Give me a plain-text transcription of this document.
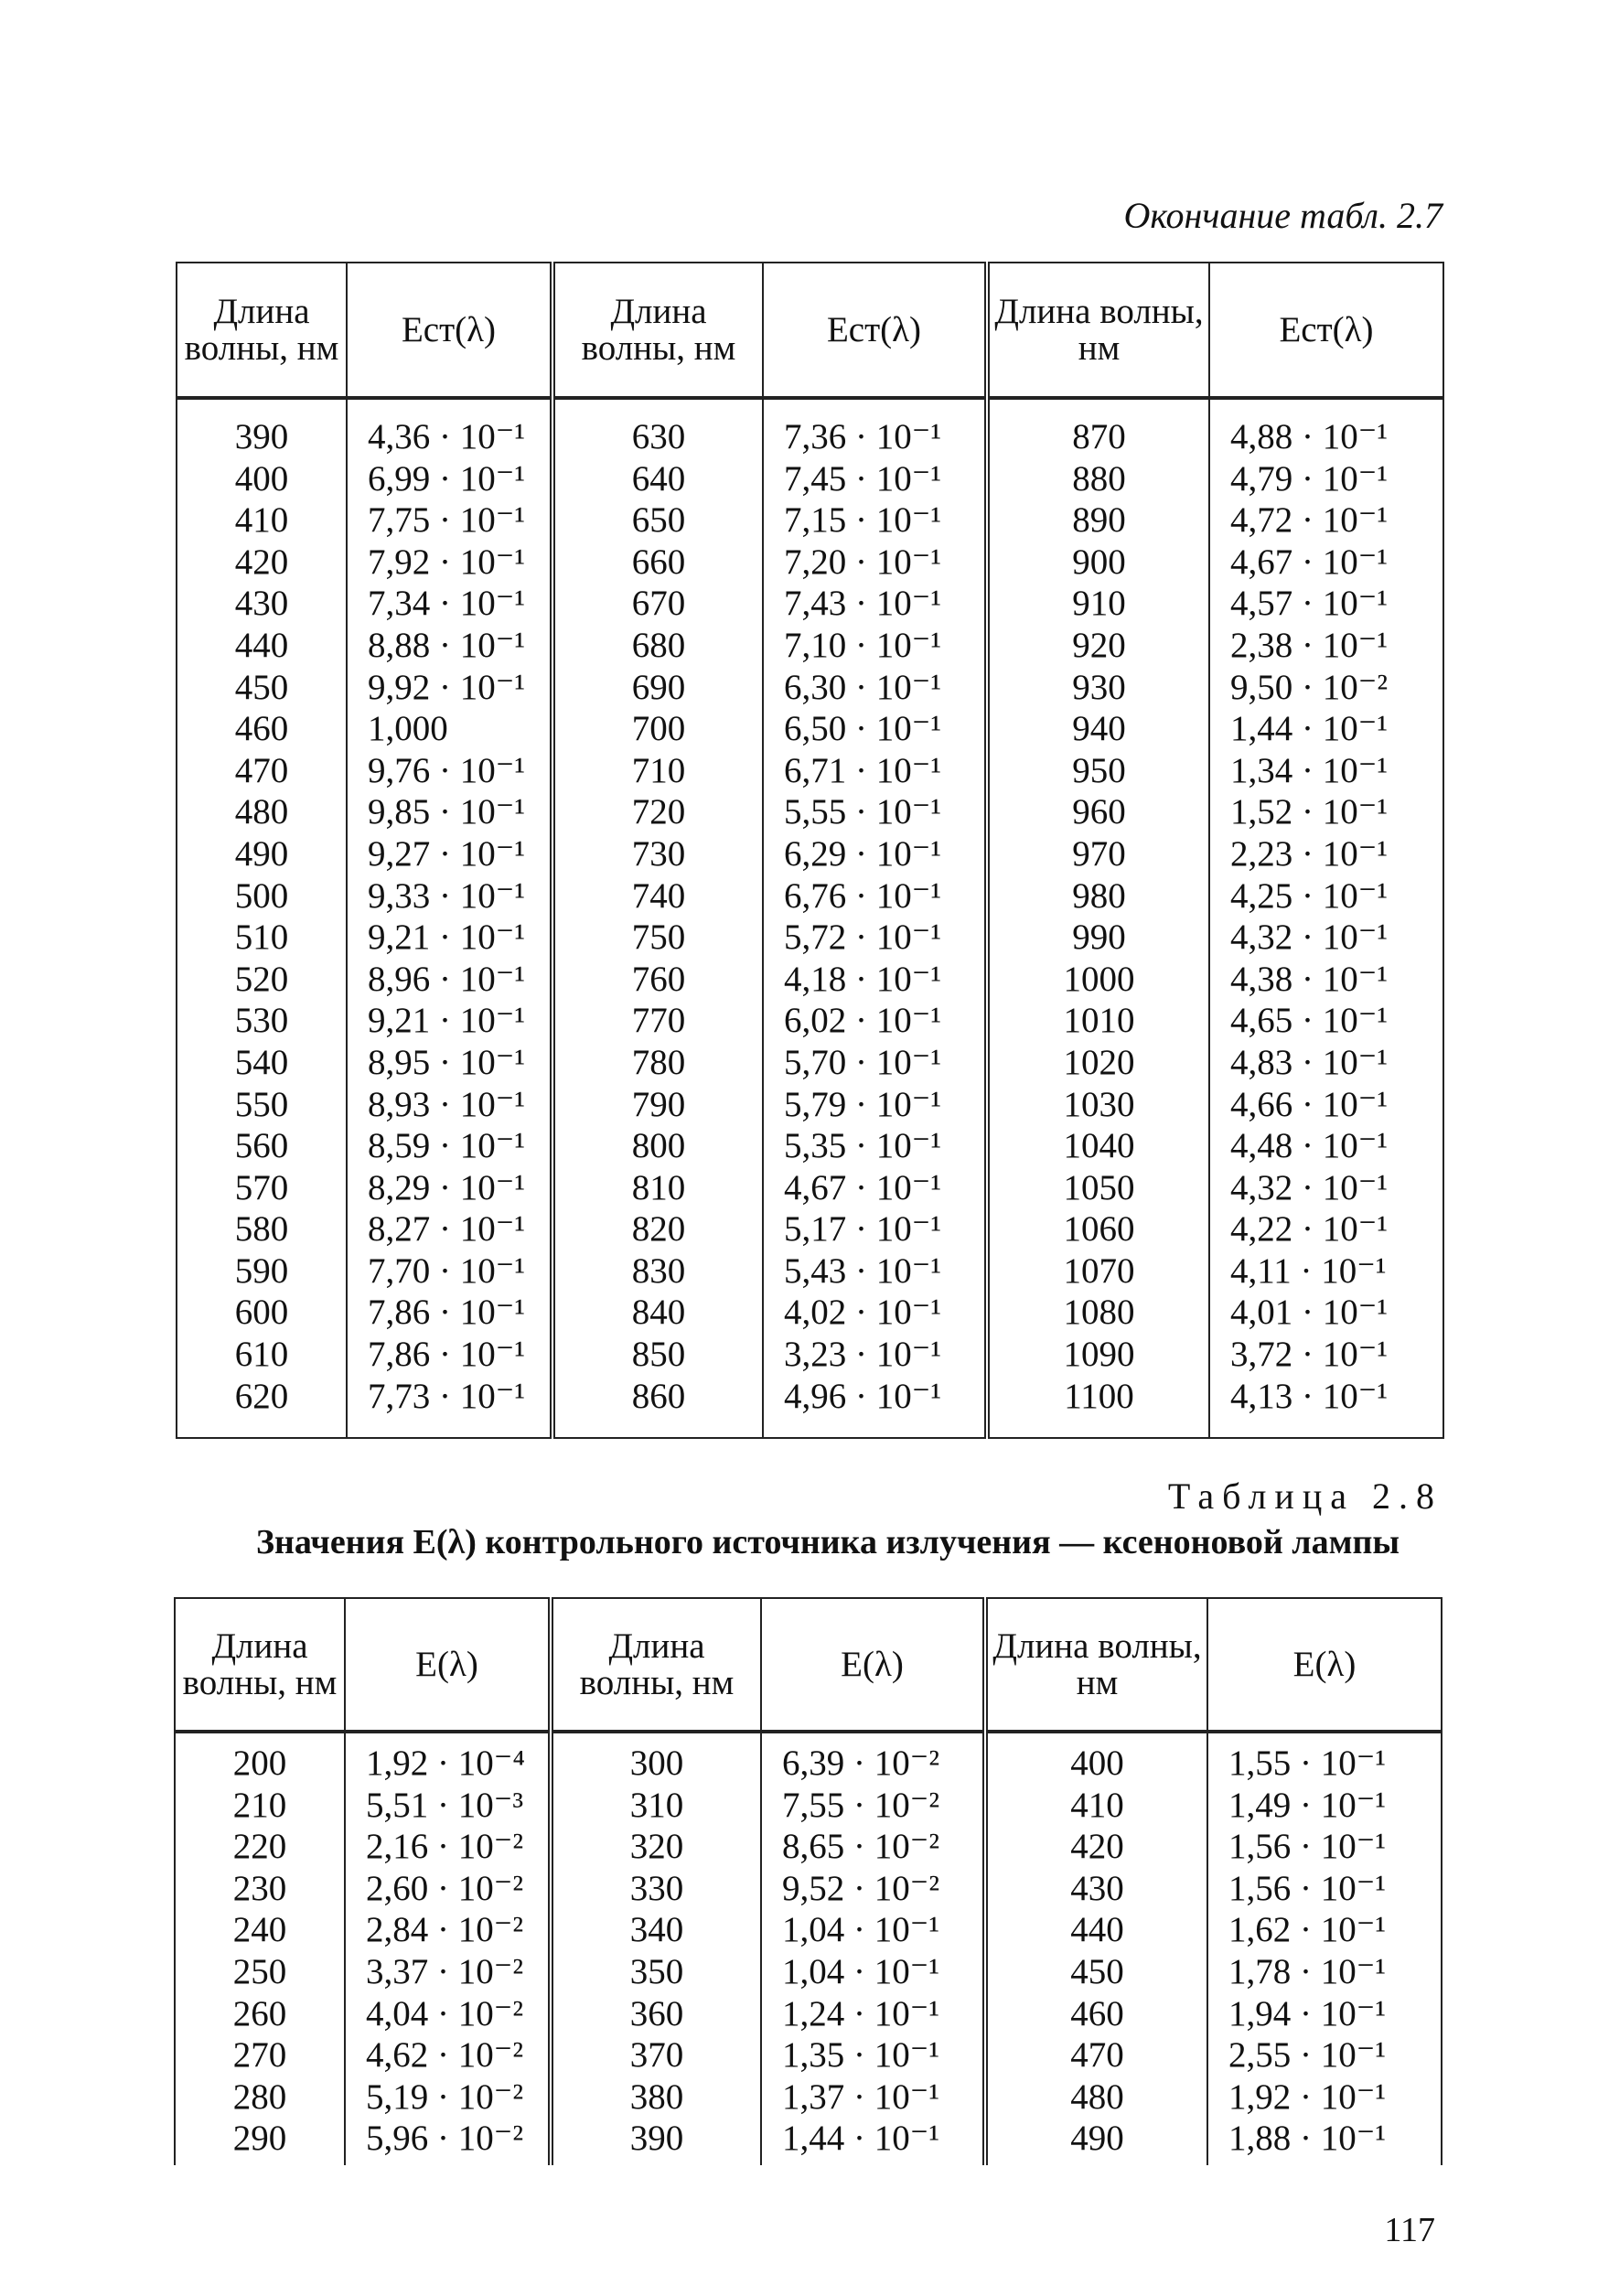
Окончание табл. 2.7
Длина волны, нм	Eст(λ)	Длина волны, нм	Eст(λ)	Длина волны, нм	Eст(λ)

390	4,36 · 10⁻¹	630	7,36 · 10⁻¹	870	4,88 · 10⁻¹
400	6,99 · 10⁻¹	640	7,45 · 10⁻¹	880	4,79 · 10⁻¹
410	7,75 · 10⁻¹	650	7,15 · 10⁻¹	890	4,72 · 10⁻¹
420	7,92 · 10⁻¹	660	7,20 · 10⁻¹	900	4,67 · 10⁻¹
430	7,34 · 10⁻¹	670	7,43 · 10⁻¹	910	4,57 · 10⁻¹
440	8,88 · 10⁻¹	680	7,10 · 10⁻¹	920	2,38 · 10⁻¹
450	9,92 · 10⁻¹	690	6,30 · 10⁻¹	930	9,50 · 10⁻²
460	1,000	700	6,50 · 10⁻¹	940	1,44 · 10⁻¹
470	9,76 · 10⁻¹	710	6,71 · 10⁻¹	950	1,34 · 10⁻¹
480	9,85 · 10⁻¹	720	5,55 · 10⁻¹	960	1,52 · 10⁻¹
490	9,27 · 10⁻¹	730	6,29 · 10⁻¹	970	2,23 · 10⁻¹
500	9,33 · 10⁻¹	740	6,76 · 10⁻¹	980	4,25 · 10⁻¹
510	9,21 · 10⁻¹	750	5,72 · 10⁻¹	990	4,32 · 10⁻¹
520	8,96 · 10⁻¹	760	4,18 · 10⁻¹	1000	4,38 · 10⁻¹
530	9,21 · 10⁻¹	770	6,02 · 10⁻¹	1010	4,65 · 10⁻¹
540	8,95 · 10⁻¹	780	5,70 · 10⁻¹	1020	4,83 · 10⁻¹
550	8,93 · 10⁻¹	790	5,79 · 10⁻¹	1030	4,66 · 10⁻¹
560	8,59 · 10⁻¹	800	5,35 · 10⁻¹	1040	4,48 · 10⁻¹
570	8,29 · 10⁻¹	810	4,67 · 10⁻¹	1050	4,32 · 10⁻¹
580	8,27 · 10⁻¹	820	5,17 · 10⁻¹	1060	4,22 · 10⁻¹
590	7,70 · 10⁻¹	830	5,43 · 10⁻¹	1070	4,11 · 10⁻¹
600	7,86 · 10⁻¹	840	4,02 · 10⁻¹	1080	4,01 · 10⁻¹
610	7,86 · 10⁻¹	850	3,23 · 10⁻¹	1090	3,72 · 10⁻¹
620	7,73 · 10⁻¹	860	4,96 · 10⁻¹	1100	4,13 · 10⁻¹

Таблица 2.8
Значения E(λ) контрольного источника излучения — ксеноновой лампы
Длина волны, нм	E(λ)	Длина волны, нм	E(λ)	Длина волны, нм	E(λ)

200	1,92 · 10⁻⁴	300	6,39 · 10⁻²	400	1,55 · 10⁻¹
210	5,51 · 10⁻³	310	7,55 · 10⁻²	410	1,49 · 10⁻¹
220	2,16 · 10⁻²	320	8,65 · 10⁻²	420	1,56 · 10⁻¹
230	2,60 · 10⁻²	330	9,52 · 10⁻²	430	1,56 · 10⁻¹
240	2,84 · 10⁻²	340	1,04 · 10⁻¹	440	1,62 · 10⁻¹
250	3,37 · 10⁻²	350	1,04 · 10⁻¹	450	1,78 · 10⁻¹
260	4,04 · 10⁻²	360	1,24 · 10⁻¹	460	1,94 · 10⁻¹
270	4,62 · 10⁻²	370	1,35 · 10⁻¹	470	2,55 · 10⁻¹
280	5,19 · 10⁻²	380	1,37 · 10⁻¹	480	1,92 · 10⁻¹
290	5,96 · 10⁻²	390	1,44 · 10⁻¹	490	1,88 · 10⁻¹

117
